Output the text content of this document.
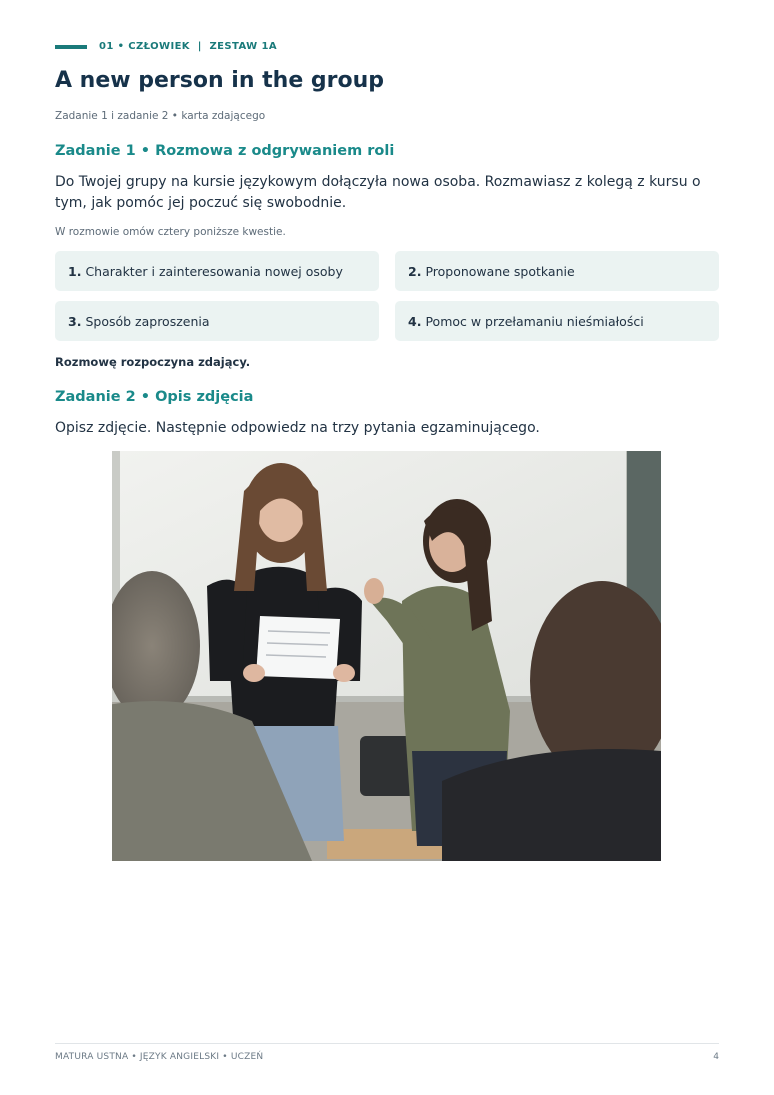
01 • CZŁOWIEK  |  ZESTAW 1A
A new person in the group
Zadanie 1 i zadanie 2 • karta zdającego
Zadanie 1 • Rozmowa z odgrywaniem roli

Do Twojej grupy na kursie językowym dołączyła nowa osoba. Rozmawiasz z kolegą z kursu o tym, jak pomóc jej poczuć się swobodnie.

W rozmowie omów cztery poniższe kwestie.
1. Charakter i zainteresowania nowej osoby	2. Proponowane spotkanie
3. Sposób zaproszenia	4. Pomoc w przełamaniu nieśmiałości
Rozmowę rozpoczyna zdający.
Zadanie 2 • Opis zdjęcia

Opisz zdjęcie. Następnie odpowiedz na trzy pytania egzaminującego.

MATURA USTNA • JĘZYK ANGIELSKI • UCZEŃ	4
